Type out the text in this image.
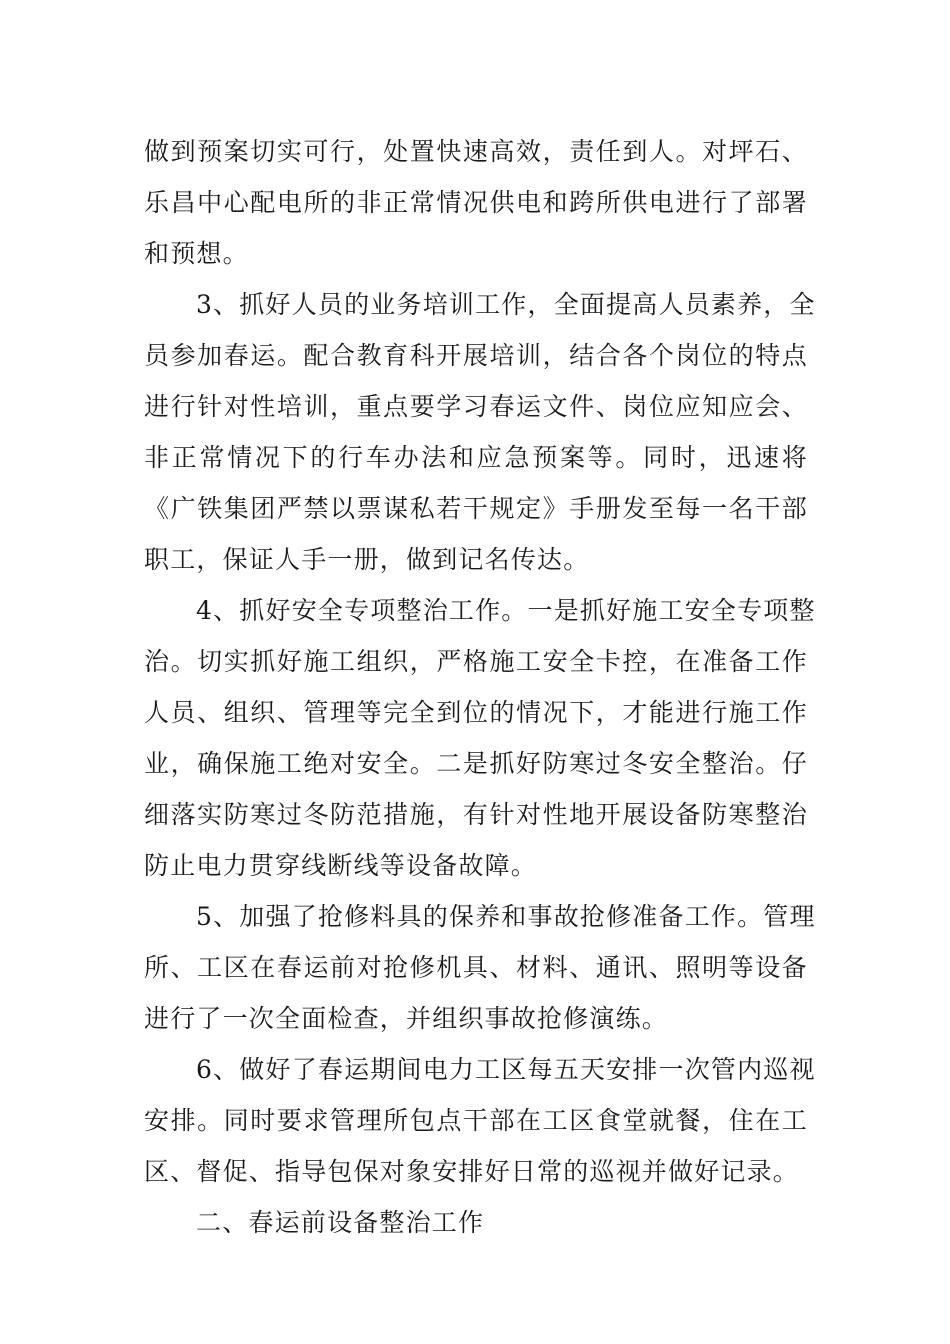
做到预案切实可行，处置快速高效，责任到人。对坪石、
乐昌中心配电所的非正常情况供电和跨所供电进行了部署
和预想。

3、抓好人员的业务培训工作，全面提高人员素养，全
员参加春运。配合教育科开展培训，结合各个岗位的特点
进行针对性培训，重点要学习春运文件、岗位应知应会、
非正常情况下的行车办法和应急预案等。同时，迅速将
《广铁集团严禁以票谋私若干规定》手册发至每一名干部
职工，保证人手一册，做到记名传达。

4、抓好安全专项整治工作。一是抓好施工安全专项整
治。切实抓好施工组织，严格施工安全卡控，在准备工作
人员、组织、管理等完全到位的情况下，才能进行施工作
业，确保施工绝对安全。二是抓好防寒过冬安全整治。仔
细落实防寒过冬防范措施，有针对性地开展设备防寒整治
防止电力贯穿线断线等设备故障。

5、加强了抢修料具的保养和事故抢修准备工作。管理
所、工区在春运前对抢修机具、材料、通讯、照明等设备
进行了一次全面检查，并组织事故抢修演练。

6、做好了春运期间电力工区每五天安排一次管内巡视
安排。同时要求管理所包点干部在工区食堂就餐，住在工
区、督促、指导包保对象安排好日常的巡视并做好记录。

二、春运前设备整治工作
